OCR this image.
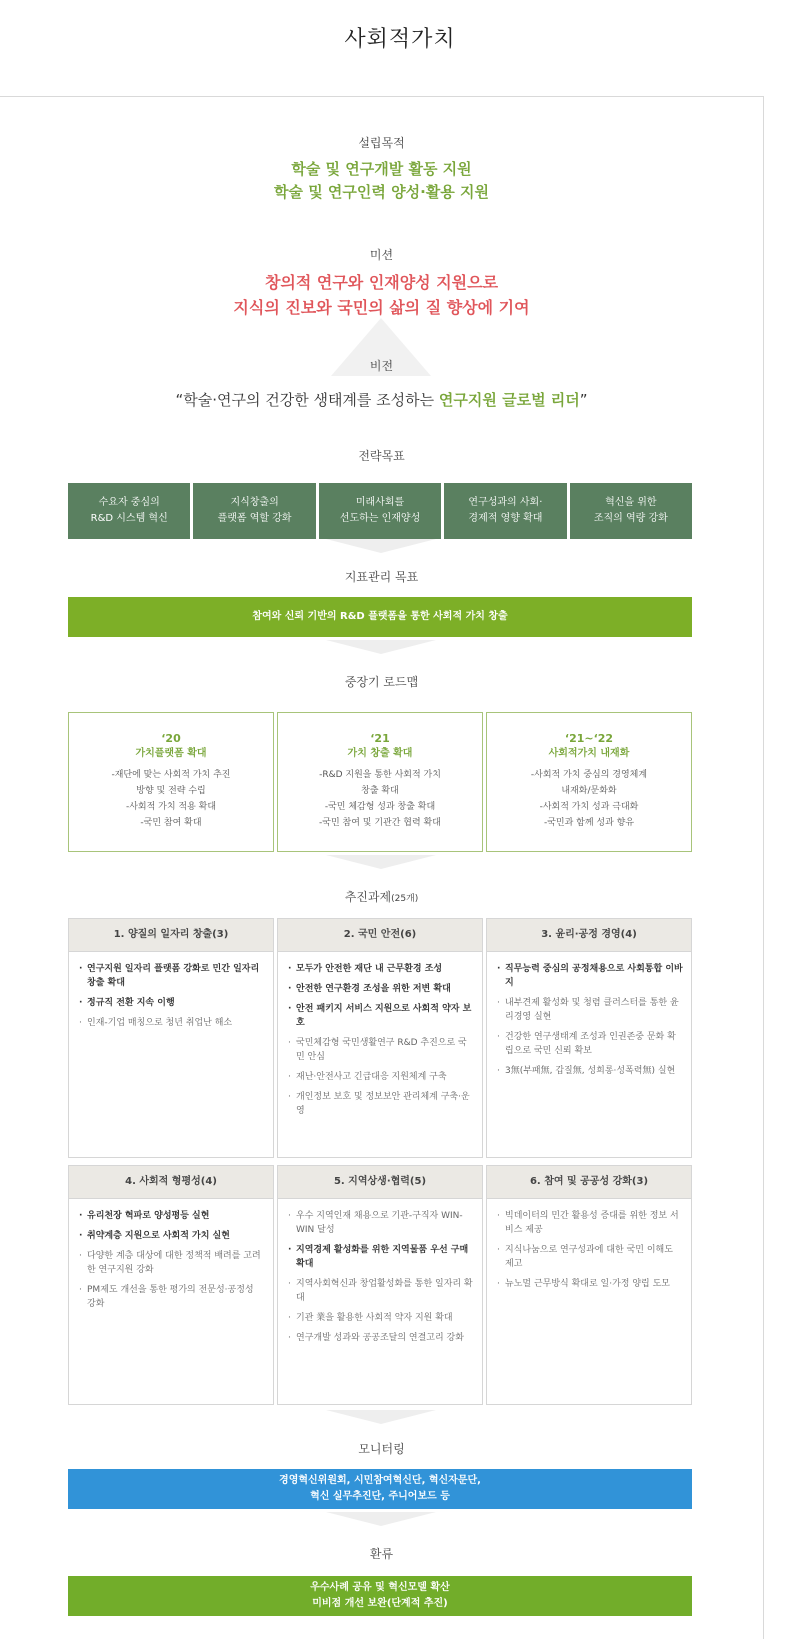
사회적가치
설립목적
학술 및 연구개발 활동 지원
학술 및 연구인력 양성·활용 지원
미션
창의적 연구와 인재양성 지원으로
지식의 진보와 국민의 삶의 질 향상에 기여
비전
“학술·연구의 건강한 생태계를 조성하는 연구지원 글로벌 리더”
전략목표
수요자 중심의
R&D 시스템 혁신
지식창출의
플랫폼 역할 강화
미래사회를
선도하는 인재양성
연구성과의 사회·
경제적 영향 확대
혁신을 위한
조직의 역량 강화
지표관리 목표
참여와 신뢰 기반의 R&D 플랫폼을 통한 사회적 가치 창출
중장기 로드맵
‘20
가치플랫폼 확대
-재단에 맞는 사회적 가치 추진
방향 및 전략 수립
-사회적 가치 적용 확대
-국민 참여 확대
‘21
가치 창출 확대
-R&D 지원을 통한 사회적 가치
창출 확대
-국민 체감형 성과 창출 확대
-국민 참여 및 기관간 협력 확대
‘21~‘22
사회적가치 내재화
-사회적 가치 중심의 경영체계
내재화/문화화
-사회적 가치 성과 극대화
-국민과 함께 성과 향유
추진과제(25개)
1. 양질의 일자리 창출(3)
· 연구지원 일자리 플랫폼 강화로 민간 일자리 창출 확대
· 정규직 전환 지속 이행
· 인재-기업 매칭으로 청년 취업난 해소
2. 국민 안전(6)
· 모두가 안전한 재단 내 근무환경 조성
· 안전한 연구환경 조성을 위한 저변 확대
· 안전 패키지 서비스 지원으로 사회적 약자 보호
· 국민체감형 국민생활연구 R&D 추진으로 국민 안심
· 재난·안전사고 긴급대응 지원체계 구축
· 개인정보 보호 및 정보보안 관리체계 구축·운영
3. 윤리·공정 경영(4)
· 직무능력 중심의 공정채용으로 사회통합 이바지
· 내부견제 활성화 및 청렴 클러스터를 통한 윤리경영 실현
· 건강한 연구생태계 조성과 인권존중 문화 확립으로 국민 신뢰 확보
· 3無(부패無, 갑질無, 성희롱·성폭력無) 실현
4. 사회적 형평성(4)
· 유리천장 혁파로 양성평등 실현
· 취약계층 지원으로 사회적 가치 실현
· 다양한 계층 대상에 대한 정책적 배려를 고려한 연구지원 강화
· PM제도 개선을 통한 평가의 전문성·공정성 강화
5. 지역상생·협력(5)
· 우수 지역인재 채용으로 기관-구직자 WIN-WIN 달성
· 지역경제 활성화를 위한 지역물품 우선 구매 확대
· 지역사회혁신과 창업활성화를 통한 일자리 확대
· 기관 業을 활용한 사회적 약자 지원 확대
· 연구개발 성과와 공공조달의 연결고리 강화
6. 참여 및 공공성 강화(3)
· 빅데이터의 민간 활용성 증대를 위한 정보 서비스 제공
· 지식나눔으로 연구성과에 대한 국민 이해도 제고
· 뉴노멀 근무방식 확대로 일·가정 양립 도모
모니터링
경영혁신위원회, 시민참여혁신단, 혁신자문단,
혁신 실무추진단, 주니어보드 등
환류
우수사례 공유 및 혁신모델 확산
미비점 개선 보완(단계적 추진)
